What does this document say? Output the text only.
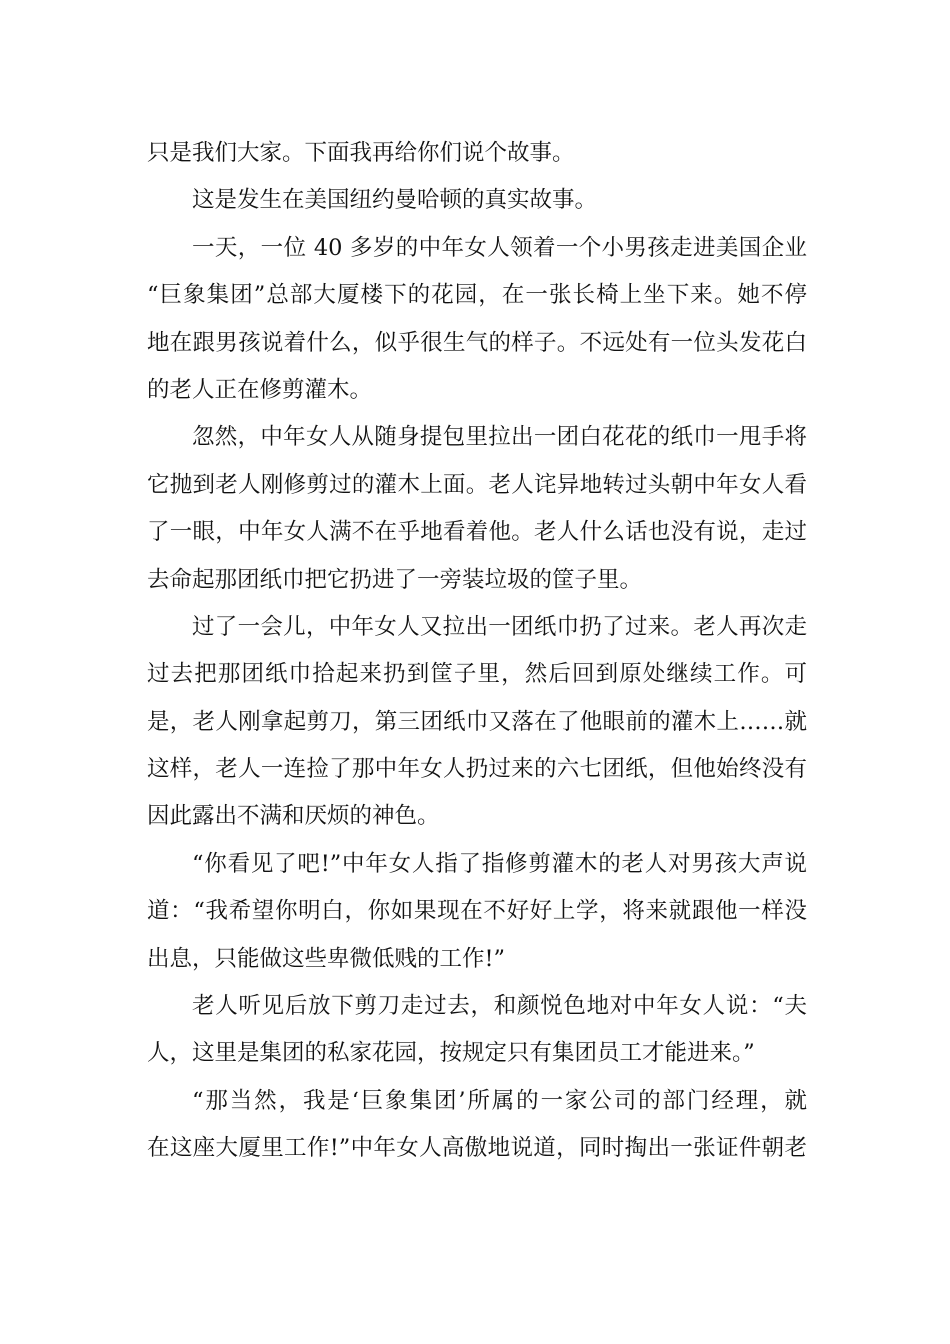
只是我们大家。下面我再给你们说个故事。
这是发生在美国纽约曼哈顿的真实故事。
一天，一位 40 多岁的中年女人领着一个小男孩走进美国企业
“巨象集团”总部大厦楼下的花园，在一张长椅上坐下来。她不停
地在跟男孩说着什么，似乎很生气的样子。不远处有一位头发花白
的老人正在修剪灌木。
忽然，中年女人从随身提包里拉出一团白花花的纸巾一甩手将
它抛到老人刚修剪过的灌木上面。老人诧异地转过头朝中年女人看
了一眼，中年女人满不在乎地看着他。老人什么话也没有说，走过
去命起那团纸巾把它扔进了一旁装垃圾的筐子里。
过了一会儿，中年女人又拉出一团纸巾扔了过来。老人再次走
过去把那团纸巾拾起来扔到筐子里，然后回到原处继续工作。可
是，老人刚拿起剪刀，第三团纸巾又落在了他眼前的灌木上……就
这样，老人一连捡了那中年女人扔过来的六七团纸，但他始终没有
因此露出不满和厌烦的神色。
“你看见了吧!”中年女人指了指修剪灌木的老人对男孩大声说
道：“我希望你明白，你如果现在不好好上学，将来就跟他一样没
出息，只能做这些卑微低贱的工作!”
老人听见后放下剪刀走过去，和颜悦色地对中年女人说：“夫
人，这里是集团的私家花园，按规定只有集团员工才能进来。”
“那当然，我是‘巨象集团’所属的一家公司的部门经理，就
在这座大厦里工作!”中年女人高傲地说道，同时掏出一张证件朝老
